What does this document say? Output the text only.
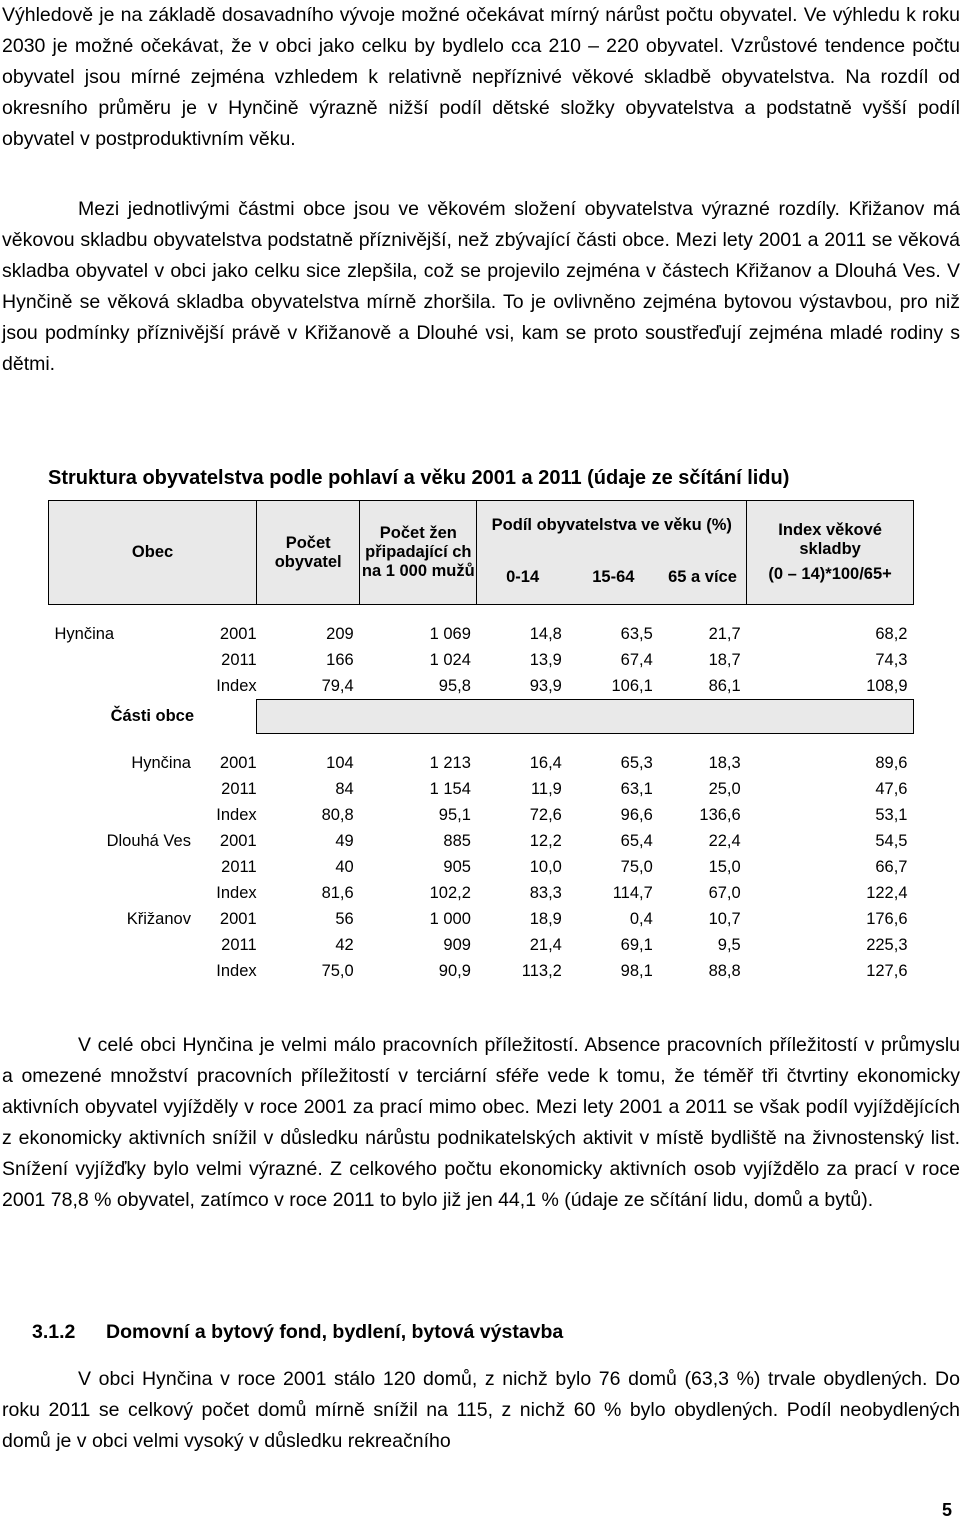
Výhledově je na základě dosavadního vývoje možné očekávat mírný nárůst počtu obyvatel. Ve výhledu k roku 2030 je možné očekávat, že v obci jako celku by bydlelo cca 210 – 220 obyvatel. Vzrůstové tendence počtu obyvatel jsou mírné zejména vzhledem k relativně nepříznivé věkové skladbě obyvatelstva. Na rozdíl od okresního průměru je v Hynčině výrazně nižší podíl dětské složky obyvatelstva a podstatně vyšší podíl obyvatel v postproduktivním věku.

Mezi jednotlivými částmi obce jsou ve věkovém složení obyvatelstva výrazné rozdíly. Křižanov má věkovou skladbu obyvatelstva podstatně příznivější, než zbývající části obce. Mezi lety 2001 a 2011 se věková skladba obyvatel v obci jako celku sice zlepšila, což se projevilo zejména v částech Křižanov a Dlouhá Ves. V Hynčině se věková skladba obyvatelstva mírně zhoršila. To je ovlivněno zejména bytovou výstavbou, pro niž jsou podmínky příznivější právě v Křižanově a Dlouhé vsi, kam se proto soustřeďují zejména mladé rodiny s dětmi.

Struktura obyvatelstva podle pohlaví a věku 2001 a 2011 (údaje ze sčítání lidu)

Obec		Počet obyvatel	Počet žen připadající ch na 1 000 mužů	Podíl obyvatelstva ve věku (%)			Index věkové skladby
(0 – 14)*100/65+

				0-14	15-64	65 a více	

Hynčina	2001	209	1 069	14,8	63,5	21,7	68,2
	2011	166	1 024	13,9	67,4	18,7	74,3
	Index	79,4	95,8	93,9	106,1	86,1	108,9
Části obce							

Hynčina	2001	104	1 213	16,4	65,3	18,3	89,6
	2011	84	1 154	11,9	63,1	25,0	47,6
	Index	80,8	95,1	72,6	96,6	136,6	53,1
Dlouhá Ves	2001	49	885	12,2	65,4	22,4	54,5
	2011	40	905	10,0	75,0	15,0	66,7
	Index	81,6	102,2	83,3	114,7	67,0	122,4
Křižanov	2001	56	1 000	18,9	0,4	10,7	176,6
	2011	42	909	21,4	69,1	9,5	225,3
	Index	75,0	90,9	113,2	98,1	88,8	127,6

V celé obci Hynčina je velmi málo pracovních příležitostí. Absence pracovních příležitostí v průmyslu a omezené množství pracovních příležitostí v terciární sféře vede k tomu, že téměř tři čtvrtiny ekonomicky aktivních obyvatel vyjížděly v roce 2001 za prací mimo obec. Mezi lety 2001 a 2011 se však podíl vyjíždějících z ekonomicky aktivních snížil v důsledku nárůstu podnikatelských aktivit v místě bydliště na živnostenský list. Snížení vyjížďky bylo velmi výrazné. Z celkového počtu ekonomicky aktivních osob vyjíždělo za prací v roce 2001 78,8 % obyvatel, zatímco v roce 2011 to bylo již jen 44,1 % (údaje ze sčítání lidu, domů a bytů).

3.1.2 Domovní a bytový fond, bydlení, bytová výstavba

V obci Hynčina v roce 2001 stálo 120 domů, z nichž bylo 76 domů (63,3 %) trvale obydlených. Do roku 2011 se celkový počet domů mírně snížil na 115, z nichž 60 % bylo obydlených. Podíl neobydlených domů je v obci velmi vysoký v důsledku rekreačního

5
